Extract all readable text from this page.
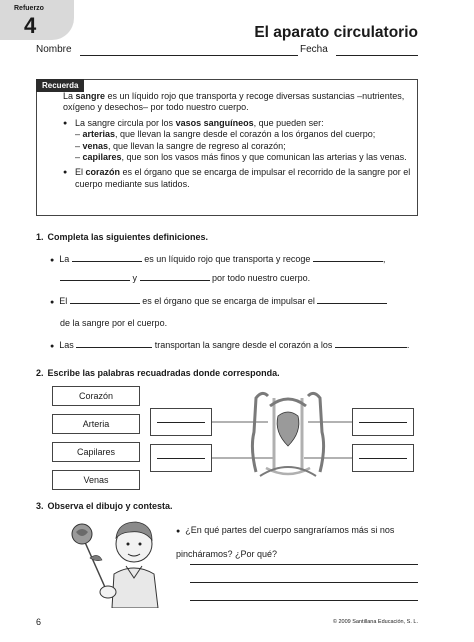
Refuerzo
4	El aparato circulatorio
Nombre	Fecha
Recuerda

La sangre es un líquido rojo que transporta y recoge diversas sustancias –nutrientes, oxígeno y desechos– por todo nuestro cuerpo.

● La sangre circula por los vasos sanguíneos, que pueden ser:
– arterias, que llevan la sangre desde el corazón a los órganos del cuerpo;
– venas, que llevan la sangre de regreso al corazón;
– capilares, que son los vasos más finos y que comunican las arterias y las venas.
● El corazón es el órgano que se encarga de impulsar el recorrido de la sangre por el cuerpo mediante sus latidos.
1. Completa las siguientes definiciones.
● La	es un líquido rojo que transporta y recoge	,
y	por todo nuestro cuerpo.
● El	es el órgano que se encarga de impulsar el
de la sangre por el cuerpo.
● Las	transportan la sangre desde el corazón a los	.
2. Escribe las palabras recuadradas donde corresponda.
Corazón
Arteria
Capilares
Venas
3. Observa el dibujo y contesta.
● ¿En qué partes del cuerpo sangraríamos más si nos pincháramos? ¿Por qué?
6	© 2009 Santillana Educación, S. L.
